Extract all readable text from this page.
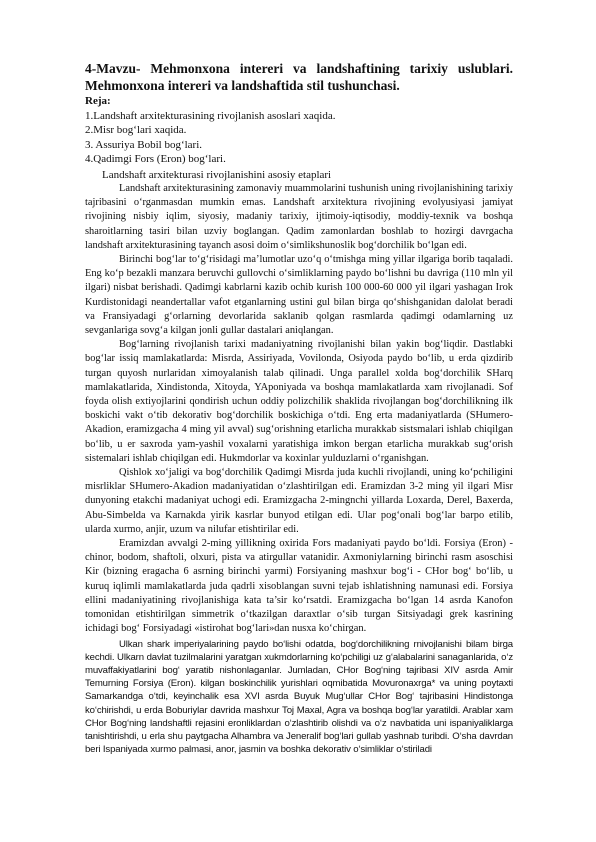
4-Mavzu- Mehmonxona intereri va landshaftining tarixiy uslublari. Mehmonxona intereri va landshaftida stil tushunchasi.
Reja:
1.Landshaft arxitekturasining rivojlanish asoslari xaqida.
2.Misr bog‘lari xaqida.
3. Assuriya Bobil bog‘lari.
4.Qadimgi Fors (Eron) bog‘lari.
Landshaft arxitekturasi rivojlanishini asosiy etaplari

Landshaft arxitekturasining zamonaviy muammolarini tushunish uning rivojlanishining tarixiy tajribasini o‘rganmasdan mumkin emas. Landshaft arxitektura rivojining evolyusiyasi jamiyat rivojining nisbiy iqlim, siyosiy, madaniy tarixiy, ijtimoiy-iqtisodiy, moddiy-texnik va boshqa sharoitlarning tasiri bilan uzviy boglangan. Qadim zamonlardan boshlab to hozirgi davrgacha landshaft arxitekturasining tayanch asosi doim o‘simlikshunoslik bog‘dorchilik bo‘lgan edi.

Birinchi bog‘lar to‘g‘risidagi ma’lumotlar uzo‘q o‘tmishga ming yillar ilgariga borib taqaladi. Eng ko‘p bezakli manzara beruvchi gullovchi o‘simliklarning paydo bo‘lishni bu davriga (110 mln yil ilgari) nisbat berishadi. Qadimgi kabrlarni kazib ochib kurish 100 000-60 000 yil ilgari yashagan Irok Kurdistonidagi neandertallar vafot etganlarning ustini gul bilan birga qo‘shishganidan dalolat beradi va Fransiyadagi g‘orlarning devorlarida saklanib qolgan rasmlarda qadimgi odamlarning uz sevganlariga sovg‘a kilgan jonli gullar dastalari aniqlangan.

Bog‘larning rivojlanish tarixi madaniyatning rivojlanishi bilan yakin bog‘liqdir. Dastlabki bog‘lar issiq mamlakatlarda: Misrda, Assiriyada, Vovilonda, Osiyoda paydo bo‘lib, u erda qizdirib turgan quyosh nurlaridan ximoyalanish talab qilinadi. Unga parallel xolda bog‘dorchilik SHarq mamlakatlarida, Xindistonda, Xitoyda, YAponiyada va boshqa mamlakatlarda xam rivojlanadi. Sof foyda olish extiyojlarini qondirish uchun oddiy polizchilik shaklida rivojlangan bog‘dorchilikning ilk boskichi vakt o‘tib dekorativ bog‘dorchilik boskichiga o‘tdi. Eng erta madaniyatlarda (SHumero-Akadion, eramizgacha 4 ming yil avval) sug‘orishning etarlicha murakkab sistsmalari ishlab chiqilgan bo‘lib, u er saxroda yam-yashil voxalarni yaratishiga imkon bergan etarlicha murakkab sug‘orish sistemalari ishlab chiqilgan edi. Hukmdorlar va koxinlar yulduzlarni o‘rganishgan.

Qishlok xo‘jaligi va bog‘dorchilik Qadimgi Misrda juda kuchli rivojlandi, uning ko‘pchiligini misrliklar SHumero-Akadion madaniyatidan o‘zlashtirilgan edi. Eramizdan 3-2 ming yil ilgari Misr dunyoning etakchi madaniyat uchogi edi. Eramizgacha 2-mingnchi yillarda Loxarda, Derel, Baxerda, Abu-Simbelda va Karnakda yirik kasrlar bunyod etilgan edi. Ular pog‘onali bog‘lar barpo etilib, ularda xurmo, anjir, uzum va nilufar etishtirilar edi.

Eramizdan avvalgi 2-ming yillikning oxirida Fors madaniyati paydo bo‘ldi. Forsiya (Eron) - chinor, bodom, shaftoli, olxuri, pista va atirgullar vatanidir. Axmoniylarning birinchi rasm asoschisi Kir (bizning eragacha 6 asrning birinchi yarmi) Forsiyaning mashxur bog‘i - CHor bog‘ bo‘lib, u kuruq iqlimli mamlakatlarda juda qadrli xisoblangan suvni tejab ishlatishning namunasi edi. Forsiya ellini madaniyatining rivojlanishiga kata ta’sir ko‘rsatdi. Eramizgacha bo‘lgan 14 asrda Kanofon tomonidan etishtirilgan simmetrik o‘tkazilgan daraxtlar o‘sib turgan Sitsiyadagi grek kasrining ichidagi bog‘ Forsiyadagi «istirohat bog‘lari»dan nusxa ko‘chirgan.

Ulkan shark imperiyalarining paydo bo‘lishi odatda, bog‘dorchilikning rnivojlanishi bilam birga kechdi. Ulkarn davlat tuzilmalarini yaratgan xukmdorlarning ko‘pchiligi uz g‘alabalarini sanaganlarida, o‘z muvaffakiyatlarini bog‘ yaratib nishonlaganlar. Jumladan, CHor Bog‘ning tajribasi XIV asrda Amir Temurning Forsiya (Eron). kilgan boskinchilik yurishlari oqmibatida Movuronaxrga* va uning poytaxti Samarkandga o‘tdi, keyinchalik esa XVI asrda Buyuk Mug‘ullar CHor Bog‘ tajribasini Hindistonga ko‘chirishdi, u erda Boburiylar davrida mashxur Toj Maxal, Agra va boshqa bog‘lar yaratildi. Arablar xam CHor Bog‘ning landshaftli rejasini eronliklardan o‘zlashtirib olishdi va o‘z navbatida uni ispaniyaliklarga tanishtirishdi, u erla shu paytgacha Alhambra va Jeneralif bog‘lari gullab yashnab turibdi. O‘sha davrdan beri Ispaniyada xurmo palmasi, anor, jasmin va boshka dekorativ o‘simliklar o‘stiriladi
